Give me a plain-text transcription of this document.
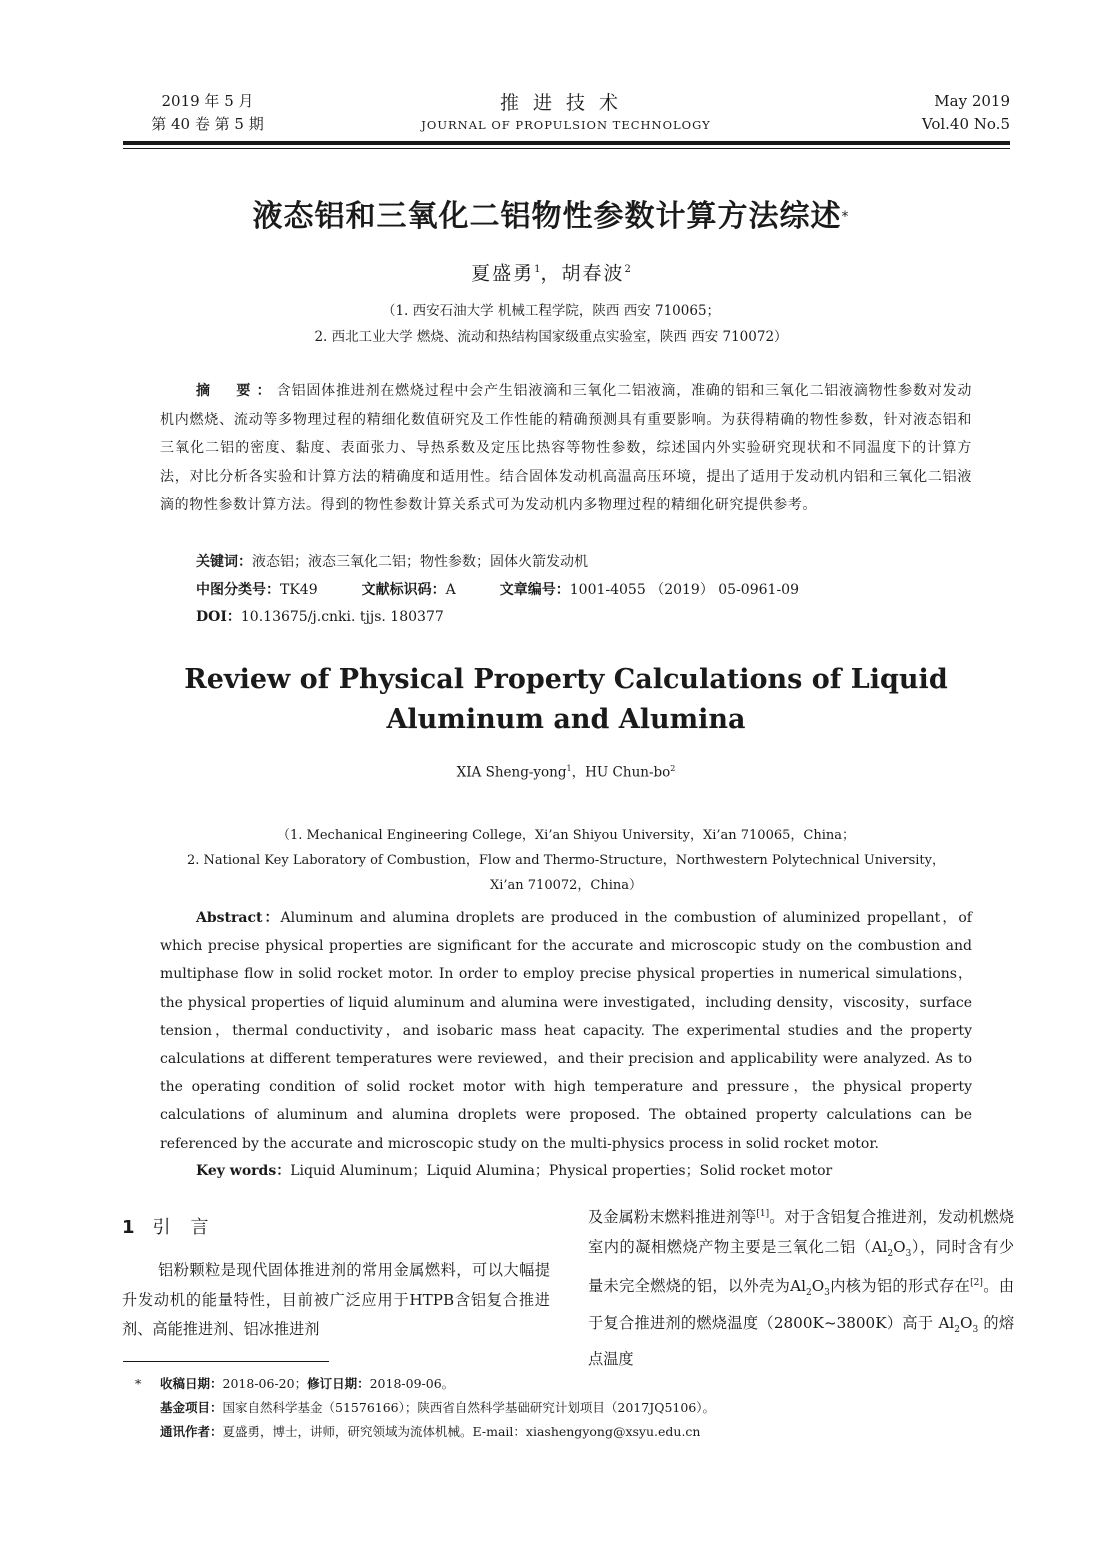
2019 年 5 月
第 40 卷 第 5 期
推进技术
JOURNAL OF PROPULSION TECHNOLOGY
May 2019
Vol.40 No.5
液态铝和三氧化二铝物性参数计算方法综述*
夏盛勇$^1$，胡春波$^2$
（1. 西安石油大学 机械工程学院，陕西 西安 710065；
2. 西北工业大学 燃烧、流动和热结构国家级重点实验室，陕西 西安 710072）
摘　要：含铝固体推进剂在燃烧过程中会产生铝液滴和三氧化二铝液滴，准确的铝和三氧化二铝液滴物性参数对发动机内燃烧、流动等多物理过程的精细化数值研究及工作性能的精确预测具有重要影响。为获得精确的物性参数，针对液态铝和三氧化二铝的密度、黏度、表面张力、导热系数及定压比热容等物性参数，综述国内外实验研究现状和不同温度下的计算方法，对比分析各实验和计算方法的精确度和适用性。结合固体发动机高温高压环境，提出了适用于发动机内铝和三氧化二铝液滴的物性参数计算方法。得到的物性参数计算关系式可为发动机内多物理过程的精细化研究提供参考。
关键词：液态铝；液态三氧化二铝；物性参数；固体火箭发动机
中图分类号：TK49	文献标识码：A	文章编号：1001-4055 （2019） 05-0961-09
DOI：10.13675/j.cnki. tjjs. 180377
Review of Physical Property Calculations of Liquid
Aluminum and Alumina
XIA Sheng-yong$^1$，HU Chun-$bo^2$
（1. Mechanical Engineering College，Xi’an Shiyou University，Xi’an 710065，China；
2. National Key Laboratory of Combustion，Flow and Thermo-Structure，Northwestern Polytechnical University，
Xi’an 710072，China）
Abstract：Aluminum and alumina droplets are produced in the combustion of aluminized propellant，of which precise physical properties are significant for the accurate and microscopic study on the combustion and multiphase flow in solid rocket motor. In order to employ precise physical properties in numerical simulations，the physical properties of liquid aluminum and alumina were investigated，including density，viscosity，surface tension，thermal conductivity，and isobaric mass heat capacity. The experimental studies and the property calculations at different temperatures were reviewed，and their precision and applicability were analyzed. As to the operating condition of solid rocket motor with high temperature and pressure，the physical property calculations of aluminum and alumina droplets were proposed. The obtained property calculations can be referenced by the accurate and microscopic study on the multi-physics process in solid rocket motor.
Key words：Liquid Aluminum；Liquid Alumina；Physical properties；Solid rocket motor
1 引言
铝粉颗粒是现代固体推进剂的常用金属燃料，可以大幅提升发动机的能量特性，目前被广泛应用于HTPB含铝复合推进剂、高能推进剂、铝冰推进剂
及金属粉末燃料推进剂等[1]。对于含铝复合推进剂，发动机燃烧室内的凝相燃烧产物主要是三氧化二铝$(Al_2O_3)$，同时含有少量未完全燃烧的铝，以外壳为$Al_2O_3$内核为铝的形式存在[2]。由于复合推进剂的燃烧温度（2800K~3800K）高于 $Al_2O_3$ 的熔点温度
* 收稿日期：2018-06-20；修订日期：2018-09-06。
基金项目：国家自然科学基金（51576166）；陕西省自然科学基础研究计划项目（2017JQ5106）。
通讯作者：夏盛勇，博士，讲师，研究领域为流体机械。E-mail：xiashengyong@xsyu.edu.cn
